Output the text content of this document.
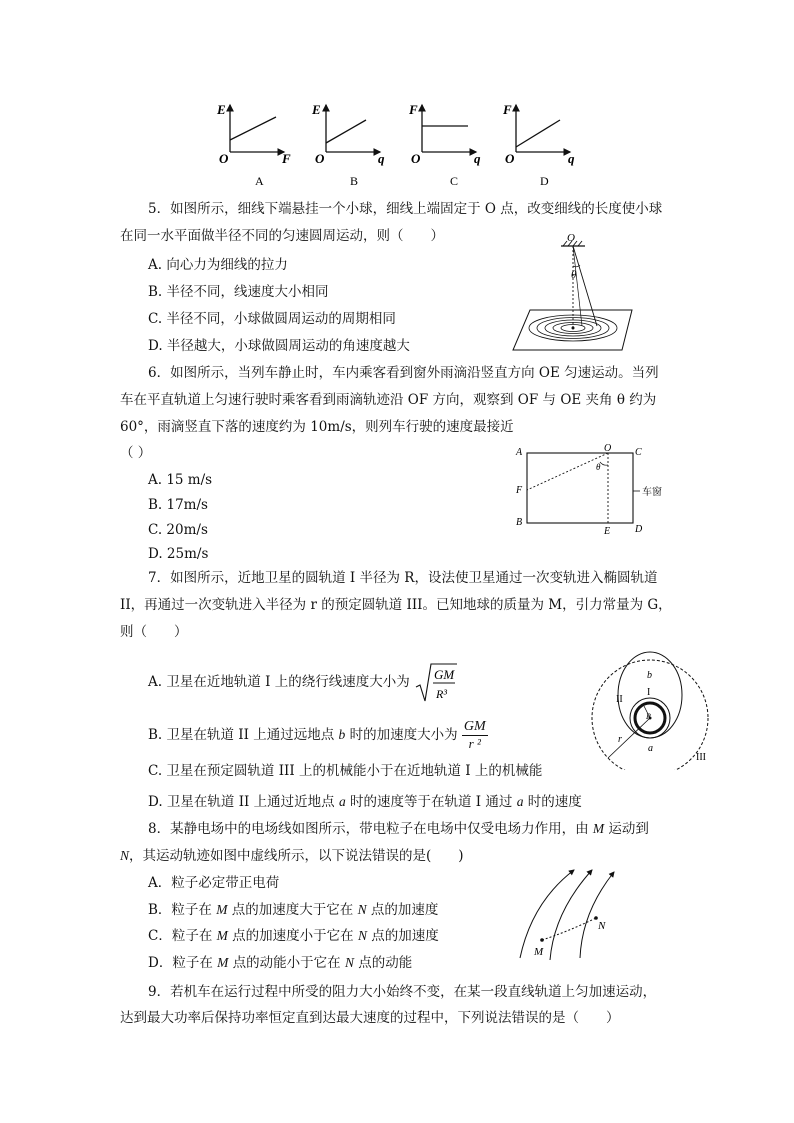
E
O	F
A
E
O	q
B
F
O	q
C
F
O	q
D
5．如图所示，细线下端悬挂一个小球，细线上端固定于 O 点，改变细线的长度使小球
在同一水平面做半径不同的匀速圆周运动，则（　　）
A. 向心力为细线的拉力
B. 半径不同，线速度大小相同
C. 半径不同，小球做圆周运动的周期相同
D. 半径越大，小球做圆周运动的角速度越大
O
θ
6．如图所示，当列车静止时，车内乘客看到窗外雨滴沿竖直方向 OE 匀速运动。当列
车在平直轨道上匀速行驶时乘客看到雨滴轨迹沿 OF 方向，观察到 OF 与 OE 夹角 θ 约为
60°，雨滴竖直下落的速度约为 10m/s，则列车行驶的速度最接近
（ ）
A. 15 m/s
B. 17m/s
C. 20m/s
D. 25m/s
A	O C
θ
F
B
E D
车窗
7．如图所示，近地卫星的圆轨道 I 半径为 R，设法使卫星通过一次变轨进入椭圆轨道
II，再通过一次变轨进入半径为 r 的预定圆轨道 III。已知地球的质量为 M，引力常量为 G，
则（　　）
A. 卫星在近地轨道 I 上的绕行线速度大小为 GM
R³
B. 卫星在轨道 II 上通过远地点 b 时的加速度大小为 $\frac{GM}{\text{r ²}}$
C. 卫星在预定圆轨道 III 上的机械能小于在近地轨道 I 上的机械能
D. 卫星在轨道 II 上通过近地点 a 时的速度等于在轨道 I 通过 a 时的速度
II
b
I
R
r
a
III
8．某静电场中的电场线如图所示，带电粒子在电场中仅受电场力作用，由 M 运动到
N，其运动轨迹如图中虚线所示，以下说法错误的是(　　)
A．粒子必定带正电荷
B．粒子在 M 点的加速度大于它在 N 点的加速度
C．粒子在 M 点的加速度小于它在 N 点的加速度
D．粒子在 M 点的动能小于它在 N 点的动能
M
N
9．若机车在运行过程中所受的阻力大小始终不变，在某一段直线轨道上匀加速运动，
达到最大功率后保持功率恒定直到达最大速度的过程中，下列说法错误的是（　　）
